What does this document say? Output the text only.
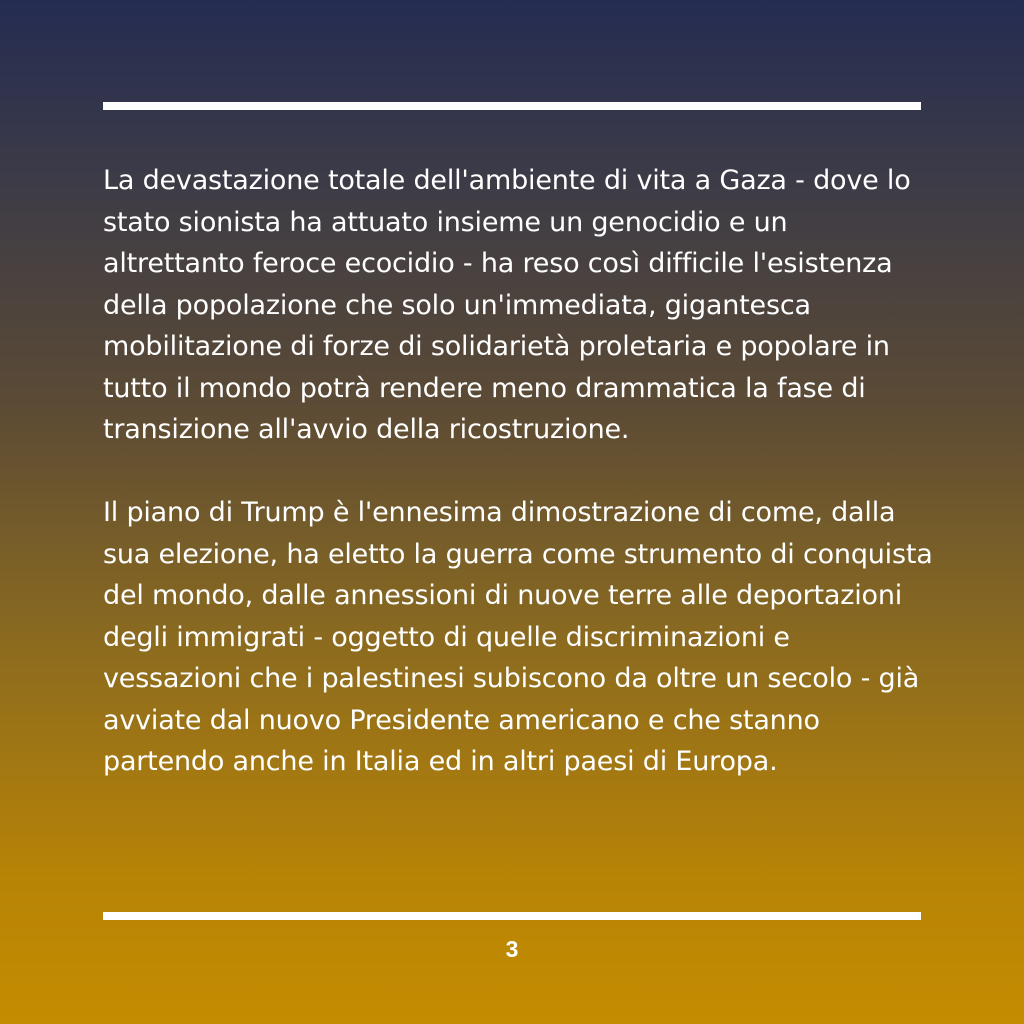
La devastazione totale dell'ambiente di vita a Gaza - dove lo stato sionista ha attuato insieme un genocidio e un altrettanto feroce ecocidio - ha reso così difficile l'esistenza della popolazione che solo un'immediata, gigantesca mobilitazione di forze di solidarietà proletaria e popolare in tutto il mondo potrà rendere meno drammatica la fase di transizione all'avvio della ricostruzione.

Il piano di Trump è l'ennesima dimostrazione di come, dalla sua elezione, ha eletto la guerra come strumento di conquista del mondo, dalle annessioni di nuove terre alle deportazioni degli immigrati - oggetto di quelle discriminazioni e vessazioni che i palestinesi subiscono da oltre un secolo - già avviate dal nuovo Presidente americano e che stanno partendo anche in Italia ed in altri paesi di Europa.

3
